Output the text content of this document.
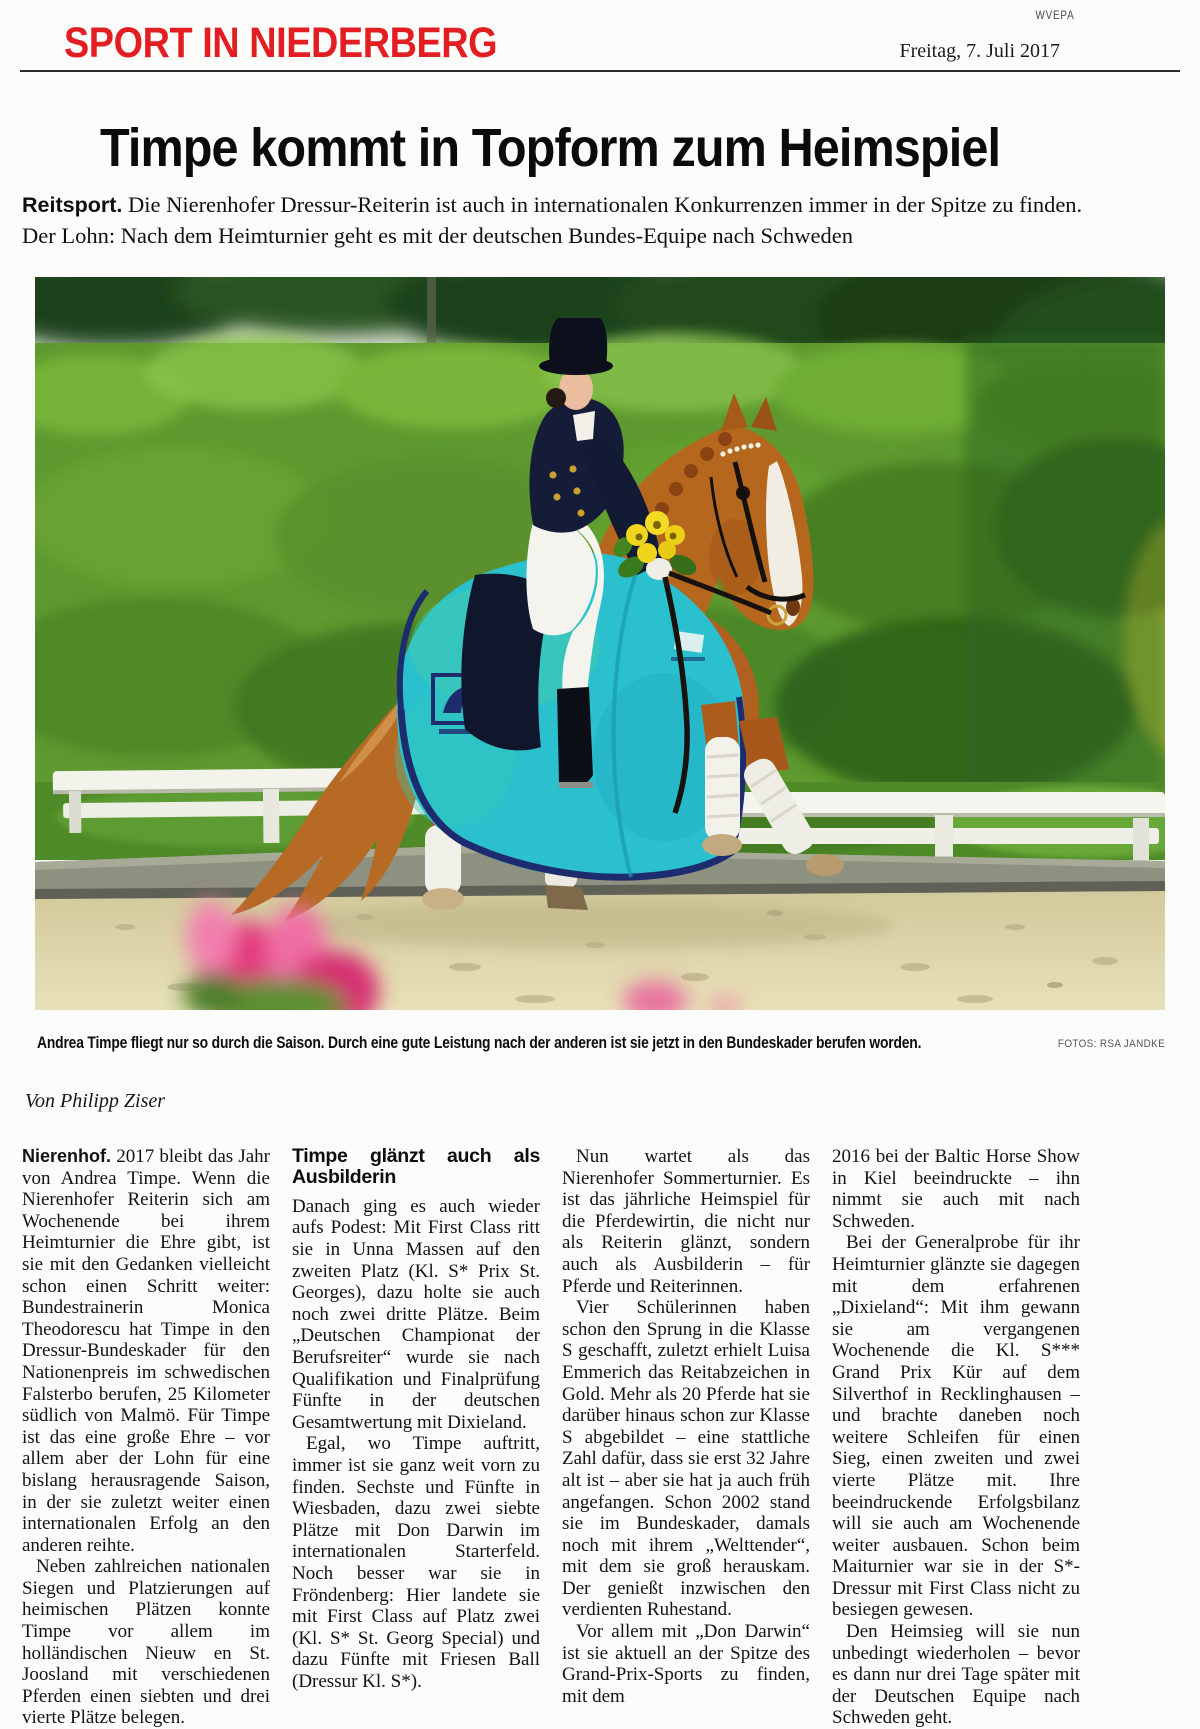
WVEPA
SPORT IN NIEDERBERG	Freitag, 7. Juli 2017
Timpe kommt in Topform zum Heimspiel

Reitsport. Die Nierenhofer Dressur-Reiterin ist auch in internationalen Konkurrenzen immer in der Spitze zu finden. Der Lohn: Nach dem Heimturnier geht es mit der deutschen Bundes-Equipe nach Schweden

Andrea Timpe fliegt nur so durch die Saison. Durch eine gute Leistung nach der anderen ist sie jetzt in den Bundeskader berufen worden.	FOTOS: RSA JANDKE

Von Philipp Ziser

Nierenhof. 2017 bleibt das Jahr von Andrea Timpe. Wenn die Nierenhofer Reiterin sich am Wochenende bei ihrem Heimturnier die Ehre gibt, ist sie mit den Gedanken vielleicht schon einen Schritt weiter: Bundestrainerin Monica Theodorescu hat Timpe in den Dressur-Bundeskader für den Nationenpreis im schwedischen Falsterbo berufen, 25 Kilometer südlich von Malmö. Für Timpe ist das eine große Ehre – vor allem aber der Lohn für eine bislang herausragende Saison, in der sie zuletzt weiter einen internationalen Erfolg an den anderen reihte.

Neben zahlreichen nationalen Siegen und Platzierungen auf heimischen Plätzen konnte Timpe vor allem im holländischen Nieuw en St. Joosland mit verschiedenen Pferden einen siebten und drei vierte Plätze belegen.

Timpe glänzt auch als Ausbilderin

Danach ging es auch wieder aufs Podest: Mit First Class ritt sie in Unna Massen auf den zweiten Platz (Kl. S* Prix St. Georges), dazu holte sie auch noch zwei dritte Plätze. Beim „Deutschen Championat der Berufsreiter“ wurde sie nach Qualifikation und Finalprüfung Fünfte in der deutschen Gesamtwertung mit Dixieland.

Egal, wo Timpe auftritt, immer ist sie ganz weit vorn zu finden. Sechste und Fünfte in Wiesbaden, dazu zwei siebte Plätze mit Don Darwin im internationalen Starterfeld. Noch besser war sie in Fröndenberg: Hier landete sie mit First Class auf Platz zwei (Kl. S* St. Georg Special) und dazu Fünfte mit Friesen Ball (Dressur Kl. S*).

Nun wartet als das Nierenhofer Sommerturnier. Es ist das jährliche Heimspiel für die Pferdewirtin, die nicht nur als Reiterin glänzt, sondern auch als Ausbilderin – für Pferde und Reiterinnen.

Vier Schülerinnen haben schon den Sprung in die Klasse S geschafft, zuletzt erhielt Luisa Emmerich das Reitabzeichen in Gold. Mehr als 20 Pferde hat sie darüber hinaus schon zur Klasse S abgebildet – eine stattliche Zahl dafür, dass sie erst 32 Jahre alt ist – aber sie hat ja auch früh angefangen. Schon 2002 stand sie im Bundeskader, damals noch mit ihrem „Welttender“, mit dem sie groß herauskam. Der genießt inzwischen den verdienten Ruhestand.

Vor allem mit „Don Darwin“ ist sie aktuell an der Spitze des Grand-Prix-Sports zu finden, mit dem

2016 bei der Baltic Horse Show in Kiel beeindruckte – ihn nimmt sie auch mit nach Schweden.

Bei der Generalprobe für ihr Heimturnier glänzte sie dagegen mit dem erfahrenen „Dixieland“: Mit ihm gewann sie am vergangenen Wochenende die Kl. S*** Grand Prix Kür auf dem Silverthof in Recklinghausen – und brachte daneben noch weitere Schleifen für einen Sieg, einen zweiten und zwei vierte Plätze mit. Ihre beeindruckende Erfolgsbilanz will sie auch am Wochenende weiter ausbauen. Schon beim Maiturnier war sie in der S*-Dressur mit First Class nicht zu besiegen gewesen.

Den Heimsieg will sie nun unbedingt wiederholen – bevor es dann nur drei Tage später mit der Deutschen Equipe nach Schweden geht.
